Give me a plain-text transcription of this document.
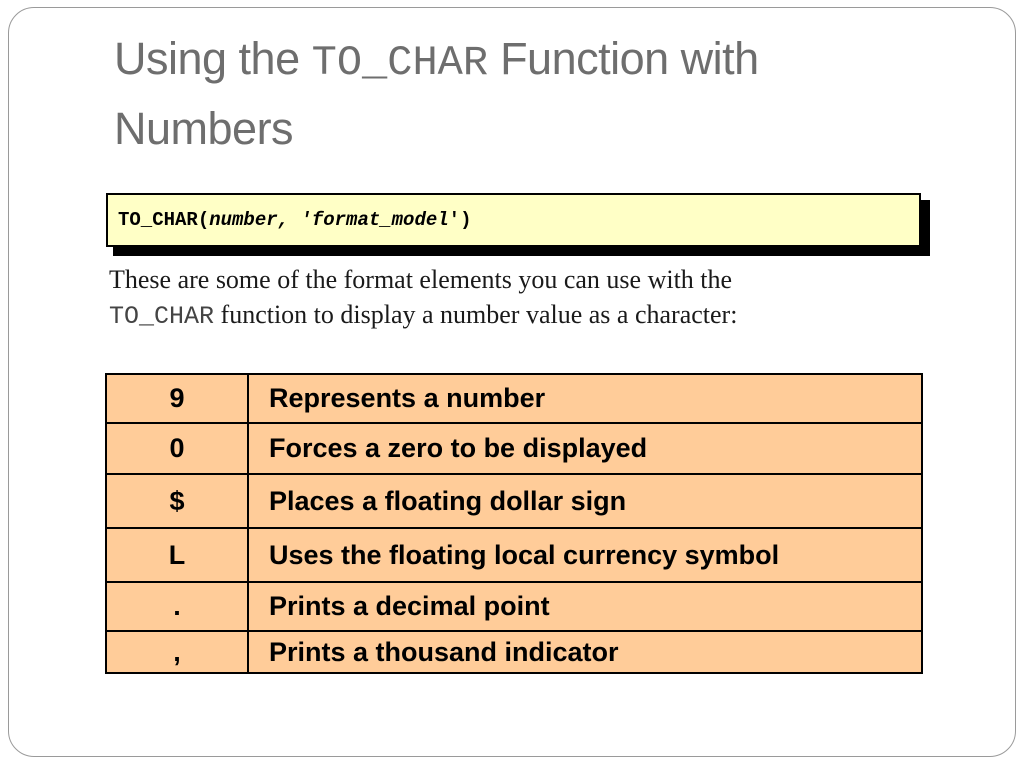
Using the TO_CHAR Function with
Numbers
TO_CHAR( number, ' format_model ')
These are some of the format elements you can use with the
TO_CHAR function to display a number value as a character:
9	Represents a number
0	Forces a zero to be displayed
$	Places a floating dollar sign
L	Uses the floating local currency symbol
.	Prints a decimal point
,	Prints a thousand indicator
